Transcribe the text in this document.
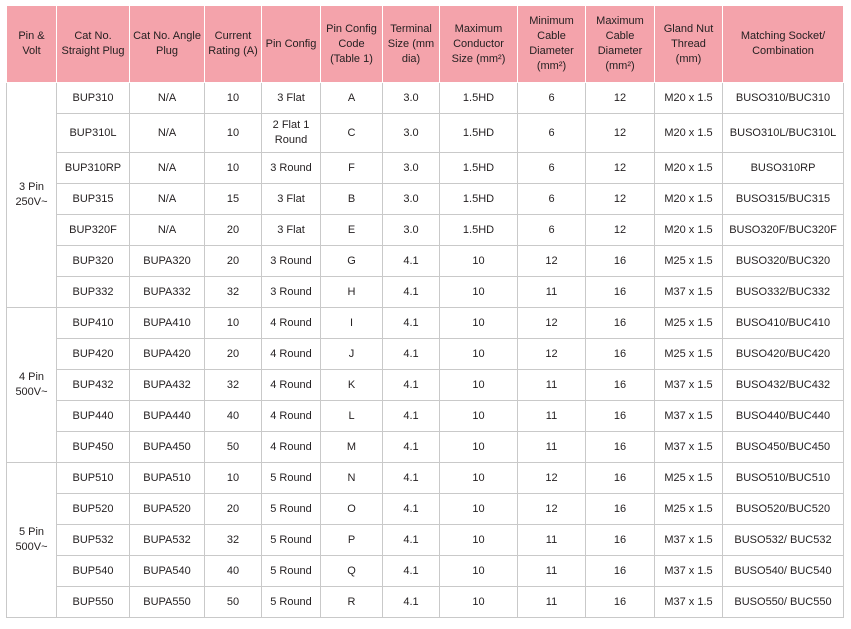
Pin & Volt	Cat No. Straight Plug	Cat No. Angle Plug	Current Rating (A)	Pin Config	Pin Config Code (Table 1)	Terminal Size (mm dia)	Maximum Conductor Size (mm²)	Minimum Cable Diameter (mm²)	Maximum Cable Diameter (mm²)	Gland Nut Thread (mm)	Matching Socket/ Combination
3 Pin 250V~	BUP310	N/A	10	3 Flat	A	3.0	1.5HD	6	12	M20 x 1.5	BUSO310/BUC310
	BUP310L	N/A	10	2 Flat 1 Round	C	3.0	1.5HD	6	12	M20 x 1.5	BUSO310L/BUC310L
	BUP310RP	N/A	10	3 Round	F	3.0	1.5HD	6	12	M20 x 1.5	BUSO310RP
	BUP315	N/A	15	3 Flat	B	3.0	1.5HD	6	12	M20 x 1.5	BUSO315/BUC315
	BUP320F	N/A	20	3 Flat	E	3.0	1.5HD	6	12	M20 x 1.5	BUSO320F/BUC320F
	BUP320	BUPA320	20	3 Round	G	4.1	10	12	16	M25 x 1.5	BUSO320/BUC320
	BUP332	BUPA332	32	3 Round	H	4.1	10	11	16	M37 x 1.5	BUSO332/BUC332
4 Pin 500V~	BUP410	BUPA410	10	4 Round	I	4.1	10	12	16	M25 x 1.5	BUSO410/BUC410
	BUP420	BUPA420	20	4 Round	J	4.1	10	12	16	M25 x 1.5	BUSO420/BUC420
	BUP432	BUPA432	32	4 Round	K	4.1	10	11	16	M37 x 1.5	BUSO432/BUC432
	BUP440	BUPA440	40	4 Round	L	4.1	10	11	16	M37 x 1.5	BUSO440/BUC440
	BUP450	BUPA450	50	4 Round	M	4.1	10	11	16	M37 x 1.5	BUSO450/BUC450
5 Pin 500V~	BUP510	BUPA510	10	5 Round	N	4.1	10	12	16	M25 x 1.5	BUSO510/BUC510
	BUP520	BUPA520	20	5 Round	O	4.1	10	12	16	M25 x 1.5	BUSO520/BUC520
	BUP532	BUPA532	32	5 Round	P	4.1	10	11	16	M37 x 1.5	BUSO532/ BUC532
	BUP540	BUPA540	40	5 Round	Q	4.1	10	11	16	M37 x 1.5	BUSO540/ BUC540
	BUP550	BUPA550	50	5 Round	R	4.1	10	11	16	M37 x 1.5	BUSO550/ BUC550
